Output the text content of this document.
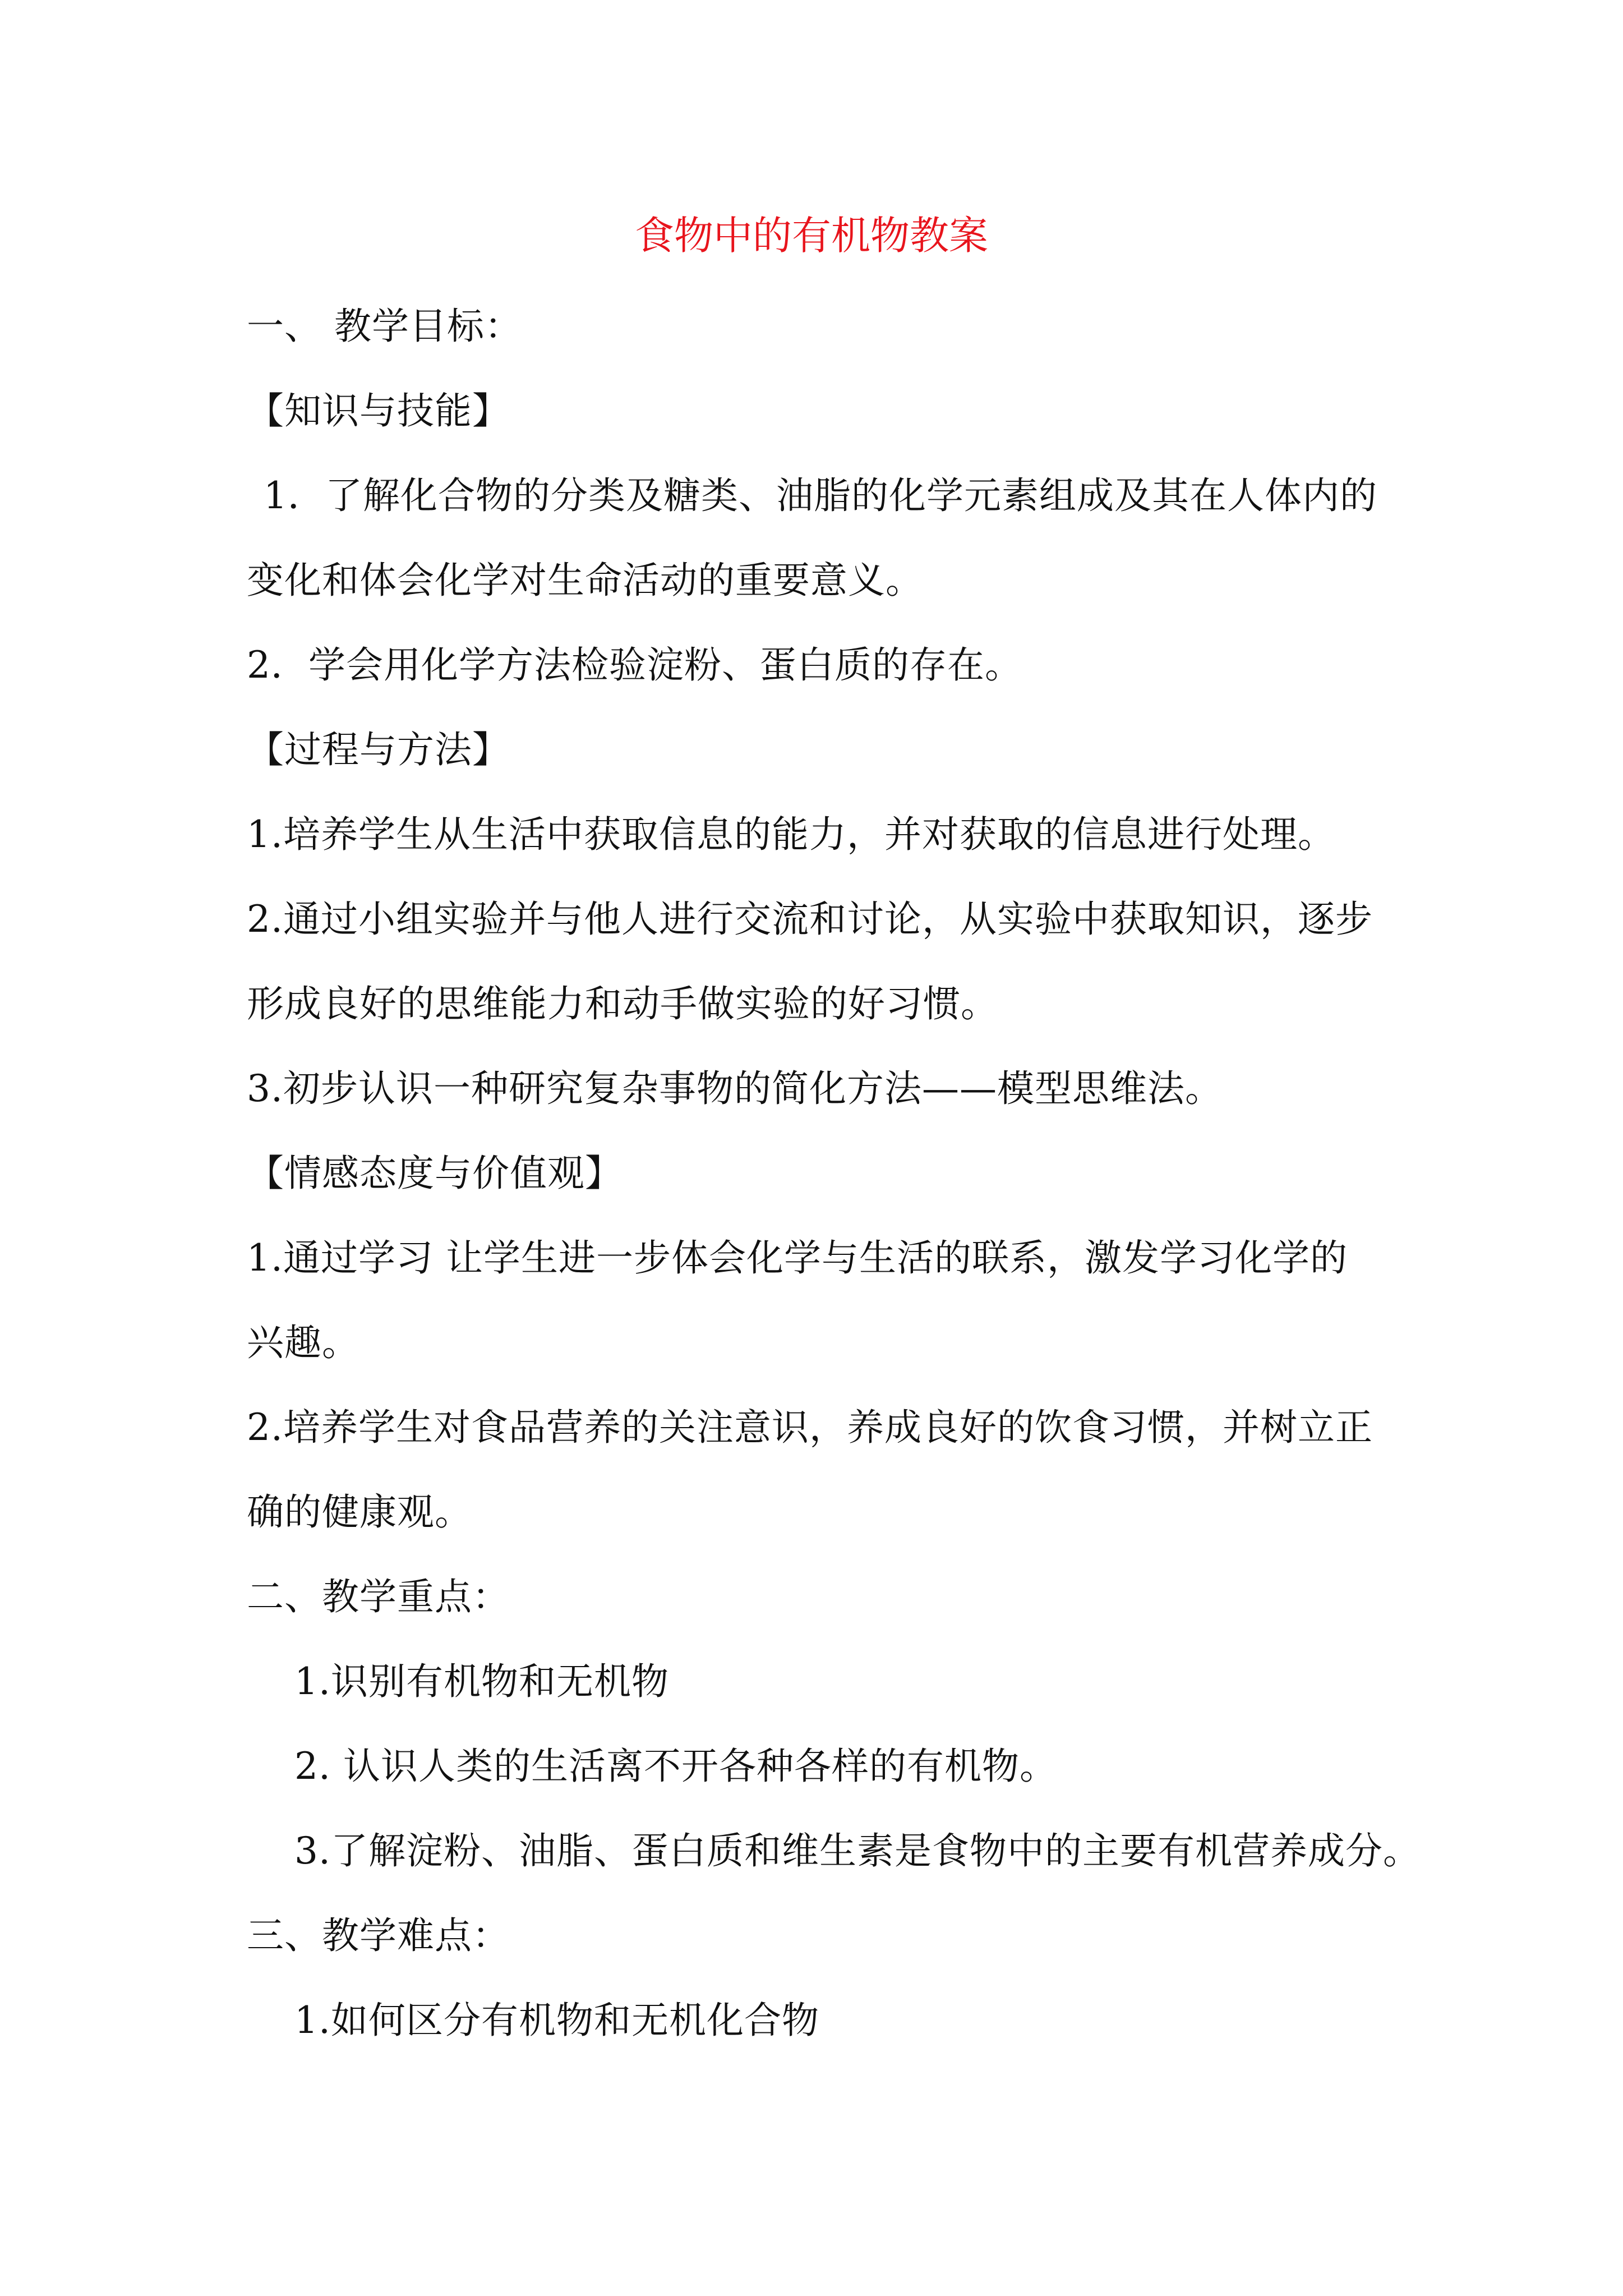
食物中的有机物教案
一、 教学目标：
【知识与技能】
1．了解化合物的分类及糖类、油脂的化学元素组成及其在人体内的
变化和体会化学对生命活动的重要意义。
2．学会用化学方法检验淀粉、蛋白质的存在。
【过程与方法】
1.培养学生从生活中获取信息的能力，并对获取的信息进行处理。
2.通过小组实验并与他人进行交流和讨论，从实验中获取知识，逐步
形成良好的思维能力和动手做实验的好习惯。
3.初步认识一种研究复杂事物的简化方法——模型思维法。
【情感态度与价值观】
1.通过学习 让学生进一步体会化学与生活的联系，激发学习化学的
兴趣。
2.培养学生对食品营养的关注意识，养成良好的饮食习惯，并树立正
确的健康观。
二、教学重点：
1.识别有机物和无机物
2. 认识人类的生活离不开各种各样的有机物。
3.了解淀粉、油脂、蛋白质和维生素是食物中的主要有机营养成分。
三、教学难点：
1.如何区分有机物和无机化合物
